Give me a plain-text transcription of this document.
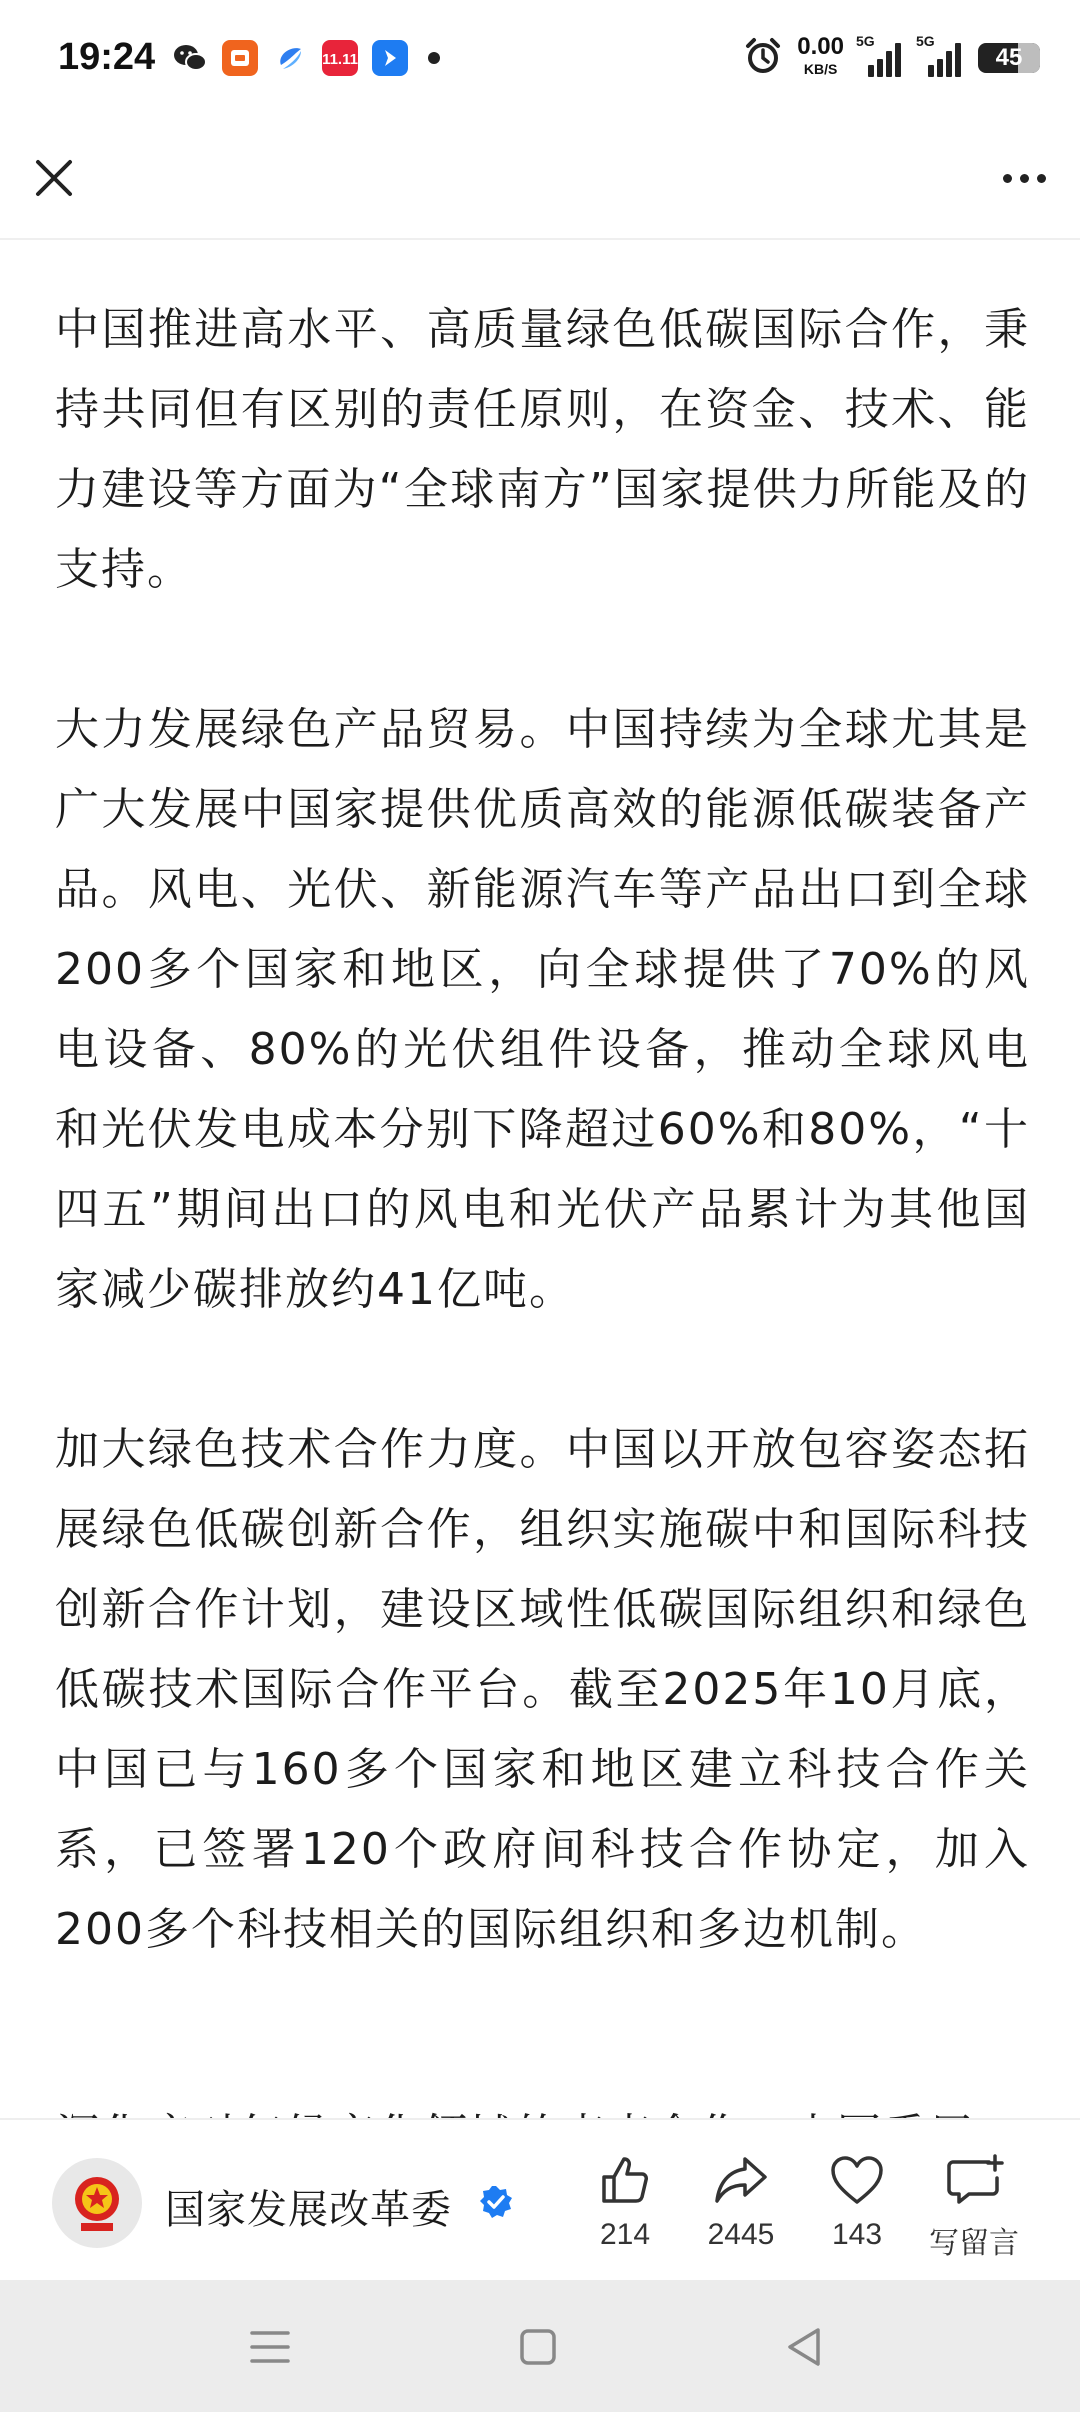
19:24	11.11	0.00
KB/S
5G	5G
45

中国推进高水平、高质量绿色低碳国际合作，秉持共同但有区别的责任原则，在资金、技术、能力建设等方面为“全球南方”国家提供力所能及的支持。

大力发展绿色产品贸易。中国持续为全球尤其是广大发展中国家提供优质高效的能源低碳装备产品。风电、光伏、新能源汽车等产品出口到全球200多个国家和地区，向全球提供了70%的风电设备、80%的光伏组件设备，推动全球风电和光伏发电成本分别下降超过60%和80%，“十四五”期间出口的风电和光伏产品累计为其他国家减少碳排放约41亿吨。

加大绿色技术合作力度。中国以开放包容姿态拓展绿色低碳创新合作，组织实施碳中和国际科技创新合作计划，建设区域性低碳国际组织和绿色低碳技术国际合作平台。截至2025年10月底，中国已与160多个国家和地区建立科技合作关系，已签署120个政府间科技合作协定，加入200多个科技相关的国际组织和多边机制。

国家发展改革委
214	2445	143	写留言
